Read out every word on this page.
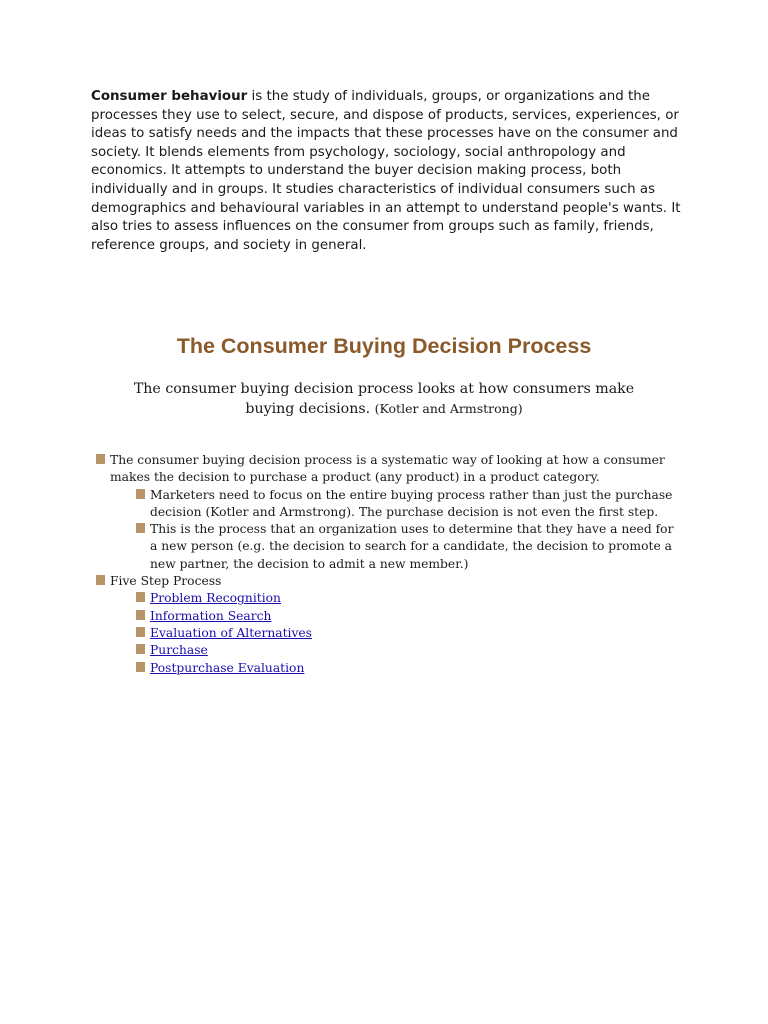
Consumer behaviour is the study of individuals, groups, or organizations and the processes they use to select, secure, and dispose of products, services, experiences, or ideas to satisfy needs and the impacts that these processes have on the consumer and society. It blends elements from psychology, sociology, social anthropology and economics. It attempts to understand the buyer decision making process, both individually and in groups. It studies characteristics of individual consumers such as demographics and behavioural variables in an attempt to understand people's wants. It also tries to assess influences on the consumer from groups such as family, friends, reference groups, and society in general.

The Consumer Buying Decision Process

The consumer buying decision process looks at how consumers make buying decisions. (Kotler and Armstrong)

The consumer buying decision process is a systematic way of looking at how a consumer makes the decision to purchase a product (any product) in a product category.
Marketers need to focus on the entire buying process rather than just the purchase decision (Kotler and Armstrong). The purchase decision is not even the first step.
This is the process that an organization uses to determine that they have a need for a new person (e.g. the decision to search for a candidate, the decision to promote a new partner, the decision to admit a new member.)
Five Step Process
Problem Recognition
Information Search
Evaluation of Alternatives
Purchase
Postpurchase Evaluation
